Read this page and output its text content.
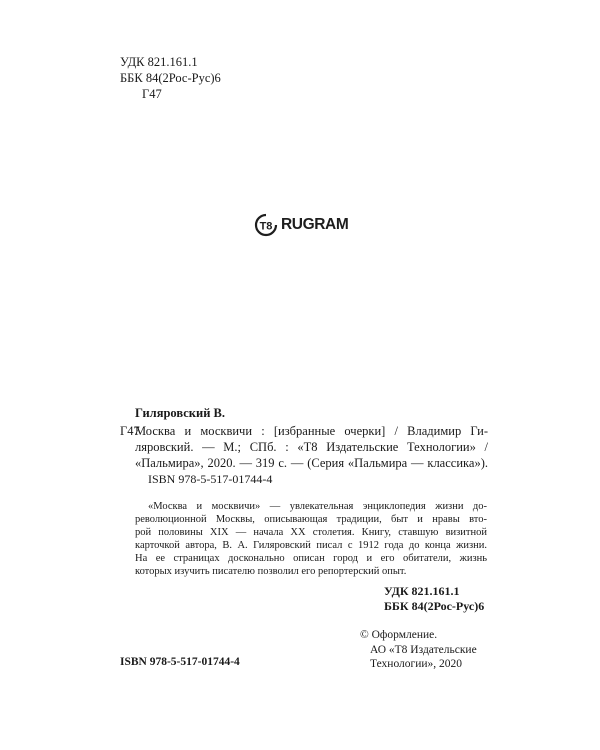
УДК 821.161.1
ББК 84(2Рос-Рус)6
Г47
T8 RUGRAM
Гиляровский В.
Г47
Москва и москвичи : [избранные очерки] / Владимир Ги-
ляровский. — М.; СПб. : «Т8 Издательские Технологии» /
«Пальмира», 2020. — 319 с. — (Серия «Пальмира — классика»).
ISBN 978-5-517-01744-4
«Москва и москвичи» — увлекательная энциклопедия жизни до-
революционной Москвы, описывающая традиции, быт и нравы вто-
рой половины XIX — начала XX столетия. Книгу, ставшую визитной
карточкой автора, В. А. Гиляровский писал с 1912 года до конца жизни.
На ее страницах досконально описан город и его обитатели, жизнь
которых изучить писателю позволил его репортерский опыт.
УДК 821.161.1
ББК 84(2Рос-Рус)6
© Оформление.
АО «Т8 Издательские
Технологии», 2020
ISBN 978-5-517-01744-4
